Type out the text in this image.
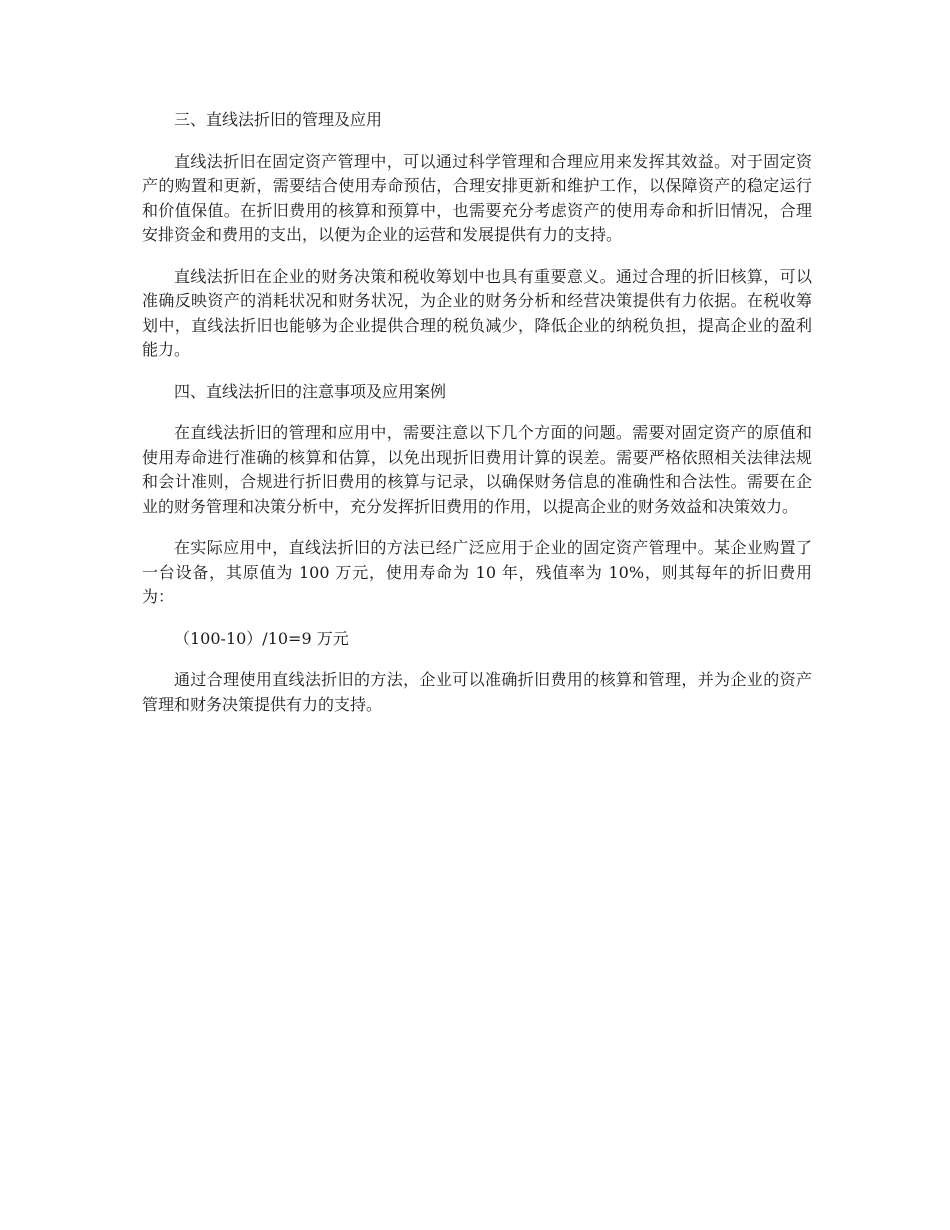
三、直线法折旧的管理及应用

直线法折旧在固定资产管理中，可以通过科学管理和合理应用来发挥其效益。对于固定资产的购置和更新，需要结合使用寿命预估，合理安排更新和维护工作，以保障资产的稳定运行和价值保值。在折旧费用的核算和预算中，也需要充分考虑资产的使用寿命和折旧情况，合理安排资金和费用的支出，以便为企业的运营和发展提供有力的支持。

直线法折旧在企业的财务决策和税收筹划中也具有重要意义。通过合理的折旧核算，可以准确反映资产的消耗状况和财务状况，为企业的财务分析和经营决策提供有力依据。在税收筹划中，直线法折旧也能够为企业提供合理的税负减少，降低企业的纳税负担，提高企业的盈利能力。

四、直线法折旧的注意事项及应用案例

在直线法折旧的管理和应用中，需要注意以下几个方面的问题。需要对固定资产的原值和使用寿命进行准确的核算和估算，以免出现折旧费用计算的误差。需要严格依照相关法律法规和会计准则，合规进行折旧费用的核算与记录，以确保财务信息的准确性和合法性。需要在企业的财务管理和决策分析中，充分发挥折旧费用的作用，以提高企业的财务效益和决策效力。

在实际应用中，直线法折旧的方法已经广泛应用于企业的固定资产管理中。某企业购置了一台设备，其原值为 100 万元，使用寿命为 10 年，残值率为 10%，则其每年的折旧费用为：

（100-10）/10=9 万元

通过合理使用直线法折旧的方法，企业可以准确折旧费用的核算和管理，并为企业的资产管理和财务决策提供有力的支持。
